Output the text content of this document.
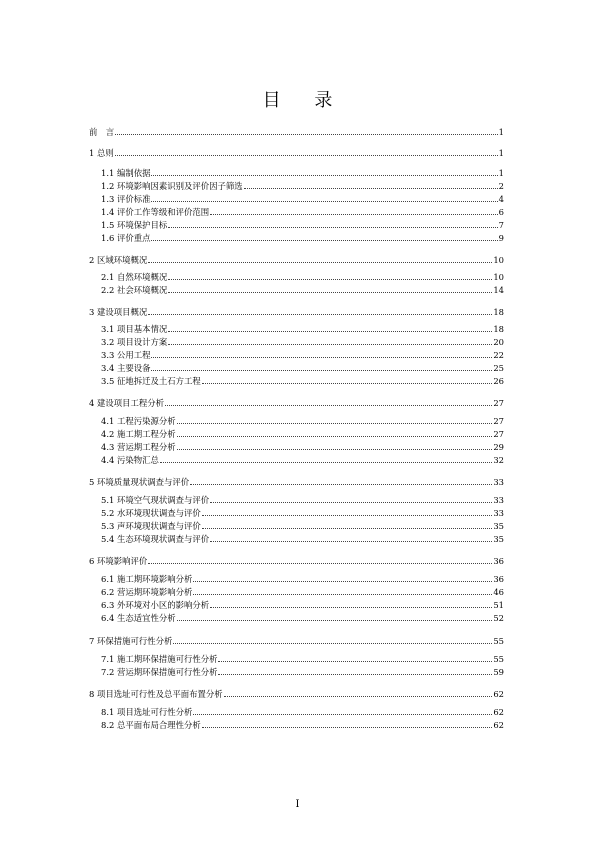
目 录
前　言	1
1 总则	1
1.1 编制依据	1
1.2 环境影响因素识别及评价因子筛选	2
1.3 评价标准	4
1.4 评价工作等级和评价范围	6
1.5 环境保护目标	7
1.6 评价重点	9
2 区域环境概况	10
2.1 自然环境概况	10
2.2 社会环境概况	14
3 建设项目概况	18
3.1 项目基本情况	18
3.2 项目设计方案	20
3.3 公用工程	22
3.4 主要设备	25
3.5 征地拆迁及土石方工程	26
4 建设项目工程分析	27
4.1 工程污染源分析	27
4.2 施工期工程分析	27
4.3 营运期工程分析	29
4.4 污染物汇总	32
5 环境质量现状调查与评价	33
5.1 环境空气现状调查与评价	33
5.2 水环境现状调查与评价	33
5.3 声环境现状调查与评价	35
5.4 生态环境现状调查与评价	35
6 环境影响评价	36
6.1 施工期环境影响分析	36
6.2 营运期环境影响分析	46
6.3 外环境对小区的影响分析	51
6.4 生态适宜性分析	52
7 环保措施可行性分析	55
7.1 施工期环保措施可行性分析	55
7.2 营运期环保措施可行性分析	59
8 项目选址可行性及总平面布置分析	62
8.1 项目选址可行性分析	62
8.2 总平面布局合理性分析	62
I
